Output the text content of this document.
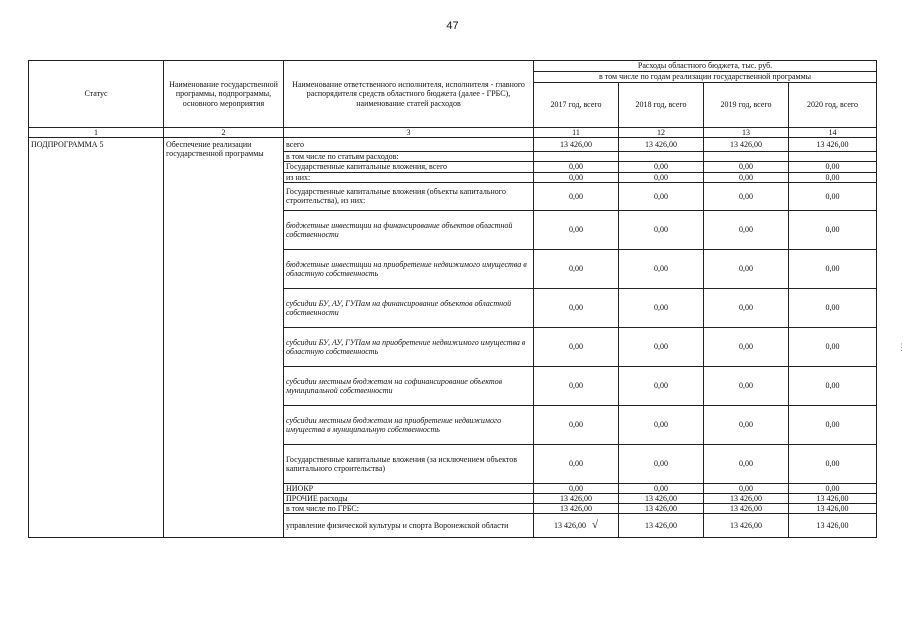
47
Статус	Наименование государственной программы, подпрограммы, основного мероприятия	Наименование ответственного исполнителя, исполнителя - главного распорядителя средств областного бюджета (далее - ГРБС), наименование статей расходов	Расходы областного бюджета, тыс. руб.			
			в том числе по годам реализации государственной программы			
			2017 год, всего	2018 год, всего	2019 год, всего	2020 год, всего
1	2	3	11	12	13	14
ПОДПРОГРАММА 5	Обеспечение реализации государственной программы	всего	13 426,00	13 426,00	13 426,00	13 426,00
		в том числе по статьям расходов:				
		Государственные капитальные вложения, всего	0,00	0,00	0,00	0,00
		из них:	0,00	0,00	0,00	0,00
		Государственные капитальные вложения (объекты капитального строительства), из них:	0,00	0,00	0,00	0,00
		бюджетные инвестиции на финансирование объектов областной собственности	0,00	0,00	0,00	0,00
		бюджетные инвестиции на приобретение недвижимого имущества в областную собственность	0,00	0,00	0,00	0,00
		субсидии БУ, АУ, ГУПам на финансирование объектов областной собственности	0,00	0,00	0,00	0,00
		субсидии БУ, АУ, ГУПам на приобретение недвижимого имущества в областную собственность	0,00	0,00	0,00	0,00
		субсидии местным бюджетам на софинансирование объектов муниципальной собственности	0,00	0,00	0,00	0,00
		субсидии местным бюджетам на приобретение недвижимого имущества в муниципальную собственность	0,00	0,00	0,00	0,00
		Государственные капитальные вложения (за исключением объектов капитального строительства)	0,00	0,00	0,00	0,00
		НИОКР	0,00	0,00	0,00	0,00
		ПРОЧИЕ расходы	13 426,00	13 426,00	13 426,00	13 426,00
		в том числе по ГРБС:	13 426,00	13 426,00	13 426,00	13 426,00
		управление физической культуры и спорта Воронежской области	13 426,00 √	13 426,00	13 426,00	13 426,00
⋮
